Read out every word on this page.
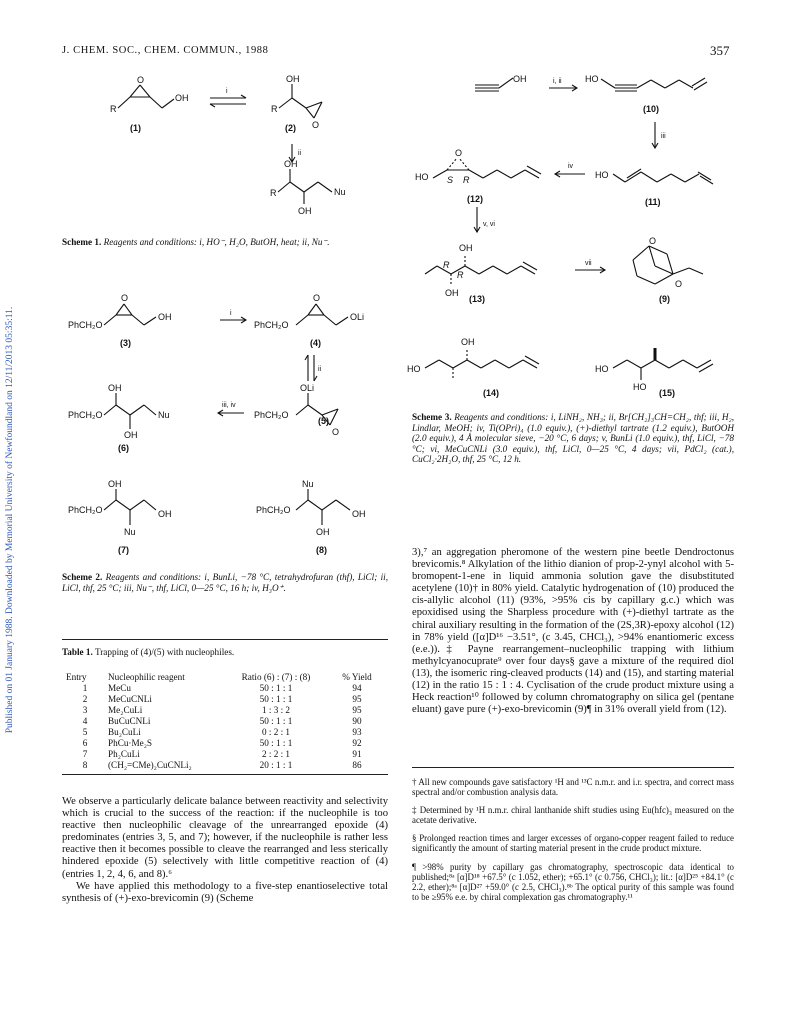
J. CHEM. SOC., CHEM. COMMUN., 1988	357
Published on 01 January 1988. Downloaded by Memorial University of Newfoundland on 12/11/2013 05:35:11.
O
R
OH
i
OH
R
O
(1)	(2)
ii
OH
R
OH
Nu
Scheme 1. Reagents and conditions: i, HO⁻, H₂O, ButOH, heat; ii, Nu⁻.
PhCH₂O
O
OH
(3)
i
PhCH₂O
O
OLi
(4)
ii
OLi
PhCH₂O
O
(5)
iii, iv
OH
PhCH₂O	Nu
OH
(6)
OH
PhCH₂O	OH
Nu
(7)
Nu
PhCH₂O	OH
OH
(8)
Scheme 2. Reagents and conditions: i, BunLi, −78 °C, tetrahydrofuran (thf), LiCl; ii, LiCl, thf, 25 °C; iii, Nu⁻, thf, LiCl, 0—25 °C, 16 h; iv, H₃O⁺.
Table 1. Trapping of (4)/(5) with nucleophiles.
Entry	Nucleophilic reagent	Ratio (6) : (7) : (8)	% Yield
1	MeCu	50 : 1 : 1	94
2	MeCuCNLi	50 : 1 : 1	95
3	Me₂CuLi	1 : 3 : 2	95
4	BuCuCNLi	50 : 1 : 1	90
5	Bu₂CuLi	0 : 2 : 1	93
6	PhCu·Me₂S	50 : 1 : 1	92
7	Ph₂CuLi	2 : 2 : 1	91
8	(CH₂=CMe)₂CuCNLi₂	20 : 1 : 1	86
We observe a particularly delicate balance between reactivity and selectivity which is crucial to the success of the reaction: if the nucleophile is too reactive then nucleophilic cleavage of the unrearranged epoxide (4) predominates (entries 3, 5, and 7); however, if the nucleophile is rather less reactive then it becomes possible to cleave the rearranged and less sterically hindered epoxide (5) selectively with little competitive reaction of (4) (entries 1, 2, 4, 6, and 8).⁶
We have applied this methodology to a five-step enantioselective total synthesis of (+)-exo-brevicomin (9) (Scheme
OH	i, ii	HO
(10)
iii
HO
(11)
iv
HO
O
S R
(12)
v, vi
OH
R
R
OH
(13)
vii
O
O
(9)
OH
HO
(14)
HO
HO
(15)
Scheme 3. Reagents and conditions: i, LiNH₂, NH₃; ii, Br[CH₂]₃CH=CH₂, thf; iii, H₂, Lindlar, MeOH; iv, Ti(OPri)₄ (1.0 equiv.), (+)-diethyl tartrate (1.2 equiv.), ButOOH (2.0 equiv.), 4 Å molecular sieve, −20 °C, 6 days; v, BunLi (1.0 equiv.), thf, LiCl, −78 °C; vi, MeCuCNLi (3.0 equiv.), thf, LiCl, 0—25 °C, 4 days; vii, PdCl₂ (cat.), CuCl₂·2H₂O, thf, 25 °C, 12 h.
3),⁷ an aggregation pheromone of the western pine beetle Dendroctonus brevicomis.⁸ Alkylation of the lithio dianion of prop-2-ynyl alcohol with 5-bromopent-1-ene in liquid ammonia solution gave the disubstituted acetylene (10)† in 80% yield. Catalytic hydrogenation of (10) produced the cis-allylic alcohol (11) (93%, >95% cis by capillary g.c.) which was epoxidised using the Sharpless procedure with (+)-diethyl tartrate as the chiral auxiliary resulting in the formation of the (2S,3R)-epoxy alcohol (12) in 78% yield ([α]D¹⁶ −3.51°, (c 3.45, CHCl₃), >94% enantiomeric excess (e.e.)).‡ Payne rearrangement–nucleophilic trapping with lithium methylcyanocuprate⁹ over four days§ gave a mixture of the required diol (13), the isomeric ring-cleaved products (14) and (15), and starting material (12) in the ratio 15 : 1 : 4. Cyclisation of the crude product mixture using a Heck reaction¹⁰ followed by column chromatography on silica gel (pentane eluant) gave pure (+)-exo-brevicomin (9)¶ in 31% overall yield from (12).

† All new compounds gave satisfactory ¹H and ¹³C n.m.r. and i.r. spectra, and correct mass spectral and/or combustion analysis data.

‡ Determined by ¹H n.m.r. chiral lanthanide shift studies using Eu(hfc)₃ measured on the acetate derivative.

§ Prolonged reaction times and larger excesses of organo-copper reagent failed to reduce significantly the amount of starting material present in the crude product mixture.

¶ >98% purity by capillary gas chromatography, spectroscopic data identical to published;⁸ᵃ [α]D¹⁸ +67.5° (c 1.052, ether); +65.1° (c 0.756, CHCl₃); lit.: [α]D²⁵ +84.1° (c 2.2, ether);⁸ᵃ [α]D²⁷ +59.0° (c 2.5, CHCl₃).⁸ᵇ The optical purity of this sample was found to be ≥95% e.e. by chiral complexation gas chromatography.¹¹
